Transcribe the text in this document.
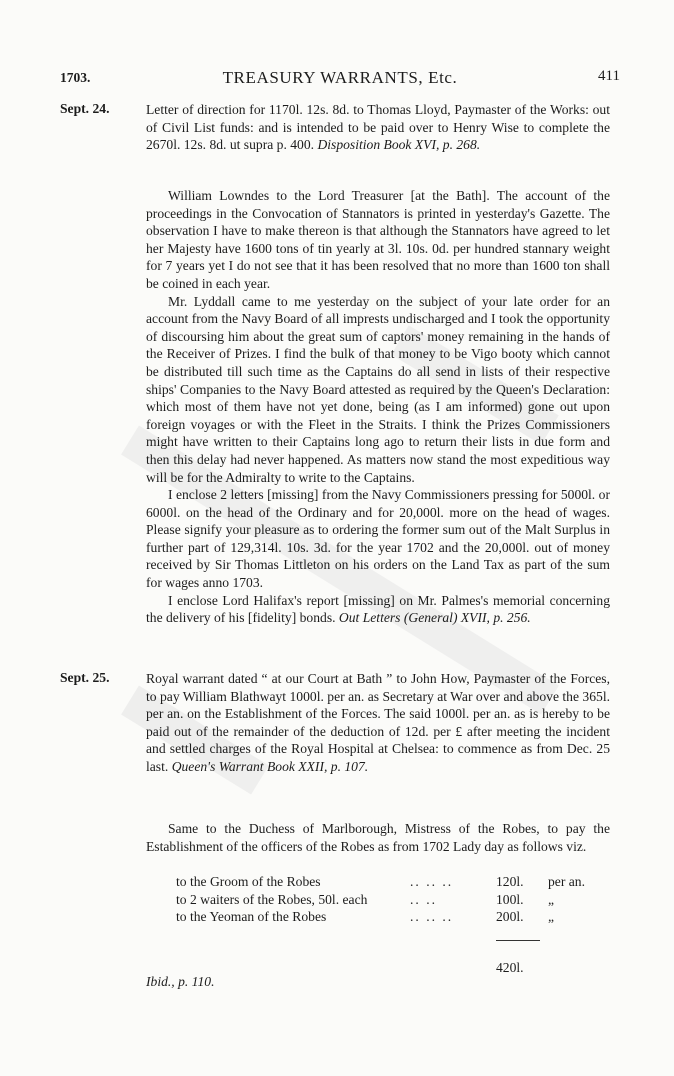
1703.	TREASURY WARRANTS, Etc.	411
Sept. 24.	Letter of direction for 1170l. 12s. 8d. to Thomas Lloyd, Paymaster of the Works: out of Civil List funds: and is intended to be paid over to Henry Wise to complete the 2670l. 12s. 8d. ut supra p. 400. Disposition Book XVI, p. 268.

William Lowndes to the Lord Treasurer [at the Bath]. The account of the proceedings in the Convocation of Stannators is printed in yesterday's Gazette. The observation I have to make thereon is that although the Stannators have agreed to let her Majesty have 1600 tons of tin yearly at 3l. 10s. 0d. per hundred stannary weight for 7 years yet I do not see that it has been resolved that no more than 1600 ton shall be coined in each year.

Mr. Lyddall came to me yesterday on the subject of your late order for an account from the Navy Board of all imprests undischarged and I took the opportunity of discoursing him about the great sum of captors' money remaining in the hands of the Receiver of Prizes. I find the bulk of that money to be Vigo booty which cannot be distributed till such time as the Captains do all send in lists of their respective ships' Companies to the Navy Board attested as required by the Queen's Declaration: which most of them have not yet done, being (as I am informed) gone out upon foreign voyages or with the Fleet in the Straits. I think the Prizes Commissioners might have written to their Captains long ago to return their lists in due form and then this delay had never happened. As matters now stand the most expeditious way will be for the Admiralty to write to the Captains.

I enclose 2 letters [missing] from the Navy Commissioners pressing for 5000l. or 6000l. on the head of the Ordinary and for 20,000l. more on the head of wages. Please signify your pleasure as to ordering the former sum out of the Malt Surplus in further part of 129,314l. 10s. 3d. for the year 1702 and the 20,000l. out of money received by Sir Thomas Littleton on his orders on the Land Tax as part of the sum for wages anno 1703.

I enclose Lord Halifax's report [missing] on Mr. Palmes's memorial concerning the delivery of his [fidelity] bonds. Out Letters (General) XVII, p. 256.

Sept. 25.	Royal warrant dated “ at our Court at Bath ” to John How, Paymaster of the Forces, to pay William Blathwayt 1000l. per an. as Secretary at War over and above the 365l. per an. on the Establishment of the Forces. The said 1000l. per an. as is hereby to be paid out of the remainder of the deduction of 12d. per £ after meeting the incident and settled charges of the Royal Hospital at Chelsea: to commence as from Dec. 25 last. Queen's Warrant Book XXII, p. 107.

Same to the Duchess of Marlborough, Mistress of the Robes, to pay the Establishment of the officers of the Robes as from 1702 Lady day as follows viz.

to the Groom of the Robes	.. .. ..	120l. per an.
to 2 waiters of the Robes, 50l. each	.. ..	100l. „
to the Yeoman of the Robes	.. .. ..	200l. „
420l.
Ibid., p. 110.
